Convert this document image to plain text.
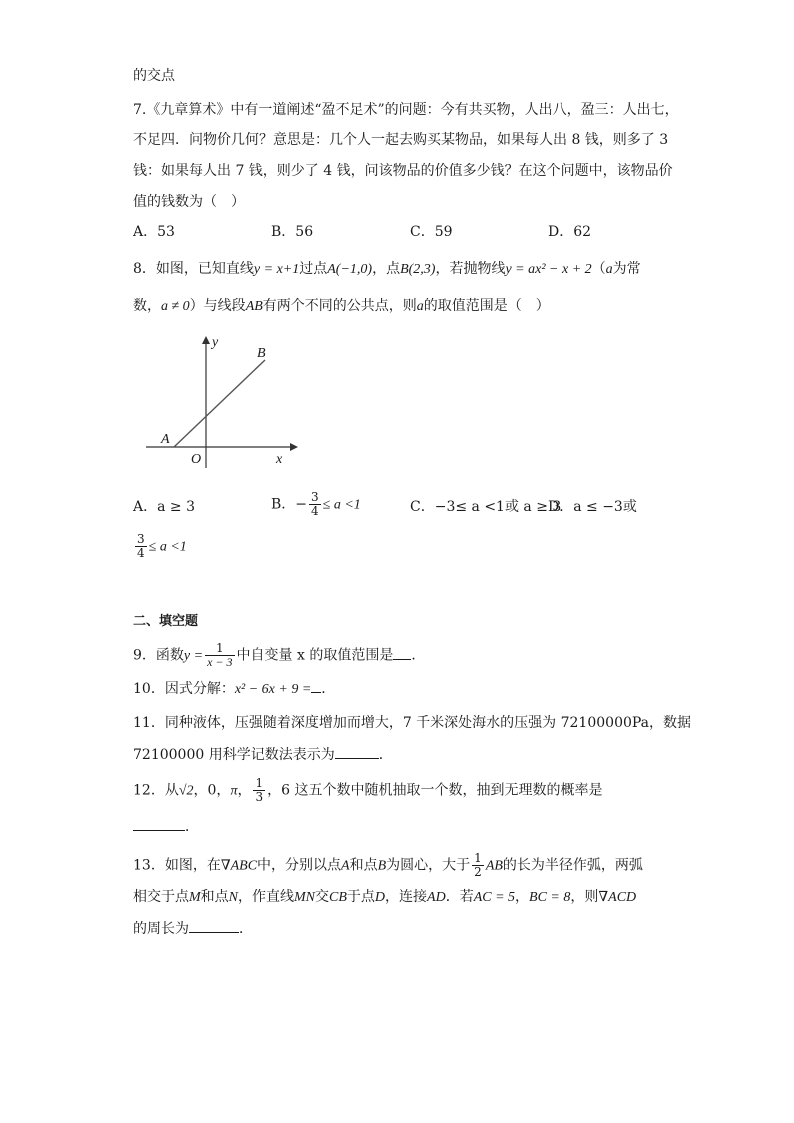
的交点
7.《九章算术》中有一道阐述“盈不足术”的问题：今有共买物，人出八，盈三：人出七，
不足四．问物价几何？意思是：几个人一起去购买某物品，如果每人出 8 钱，则多了 3
钱：如果每人出 7 钱，则少了 4 钱，问该物品的价值多少钱？在这个问题中，该物品价
值的钱数为（　）
A．53	B．56	C．59	D．62
8．如图，已知直线y = x+1过点A(−1,0)，点B(2,3)，若抛物线y = ax² − x + 2（a为常
数，a ≠ 0）与线段AB有两个不同的公共点，则a的取值范围是（　）
y
B
A
O	x
A．a ≥ 3	B．− $\frac{3}{4} \le a <1$	C．−3≤ a <1或 a ≥ 3
D．a ≤ −3或
$\frac{3}{4} \le a <1$
二、填空题
9．函数$y = \frac{1}{x - 3}$ 中自变量 x 的取值范围是 ．
10．因式分解：x² − 6x + 9 = ．
11．同种液体，压强随着深度增加而增大，7 千米深处海水的压强为 72100000Pa，数据
72100000 用科学记数法表示为	．
12．从√2，0，π， $\frac{1}{3}$ ，6 这五个数中随机抽取一个数，抽到无理数的概率是
．
13．如图，在∇ABC中，分别以点A和点B为圆心，大于 $\frac{1}{2}$ AB的长为半径作弧，两弧
相交于点M和点N，作直线MN交CB于点D，连接AD．若AC = 5，BC = 8，则∇ACD
的周长为	．
